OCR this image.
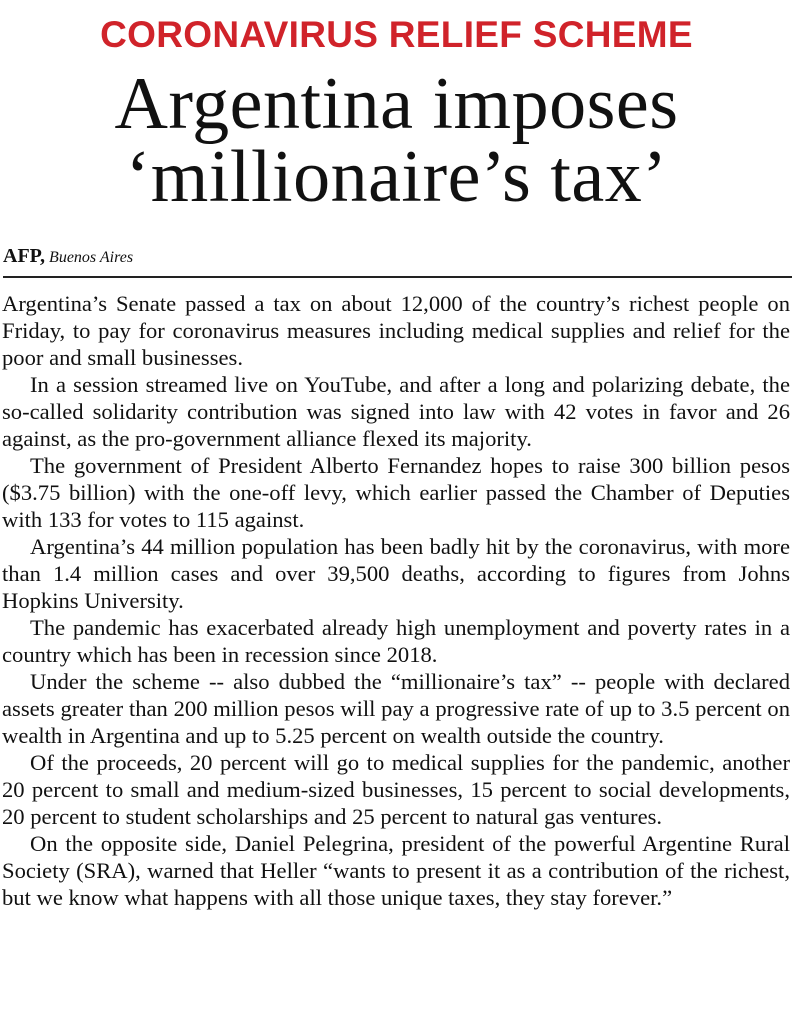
CORONAVIRUS RELIEF SCHEME
Argentina imposes
‘millionaire’s tax’
AFP, Buenos Aires

Argentina’s Senate passed a tax on about 12,000 of the country’s richest people on Friday, to pay for coronavirus measures including medical supplies and relief for the poor and small businesses.

In a session streamed live on YouTube, and after a long and polarizing debate, the so-called solidarity contribution was signed into law with 42 votes in favor and 26 against, as the pro-government alliance flexed its majority.

The government of President Alberto Fernandez hopes to raise 300 billion pesos ($3.75 billion) with the one-off levy, which earlier passed the Chamber of Deputies with 133 for votes to 115 against.

Argentina’s 44 million population has been badly hit by the coronavirus, with more than 1.4 million cases and over 39,500 deaths, according to figures from Johns Hopkins University.

The pandemic has exacerbated already high unemployment and poverty rates in a country which has been in recession since 2018.

Under the scheme -- also dubbed the “millionaire’s tax” -- people with declared assets greater than 200 million pesos will pay a progressive rate of up to 3.5 percent on wealth in Argentina and up to 5.25 percent on wealth outside the country.

Of the proceeds, 20 percent will go to medical supplies for the pandemic, another 20 percent to small and medium-sized businesses, 15 percent to social developments, 20 percent to student scholarships and 25 percent to natural gas ventures.

On the opposite side, Daniel Pelegrina, president of the powerful Argentine Rural Society (SRA), warned that Heller “wants to present it as a contribution of the richest, but we know what happens with all those unique taxes, they stay forever.”
